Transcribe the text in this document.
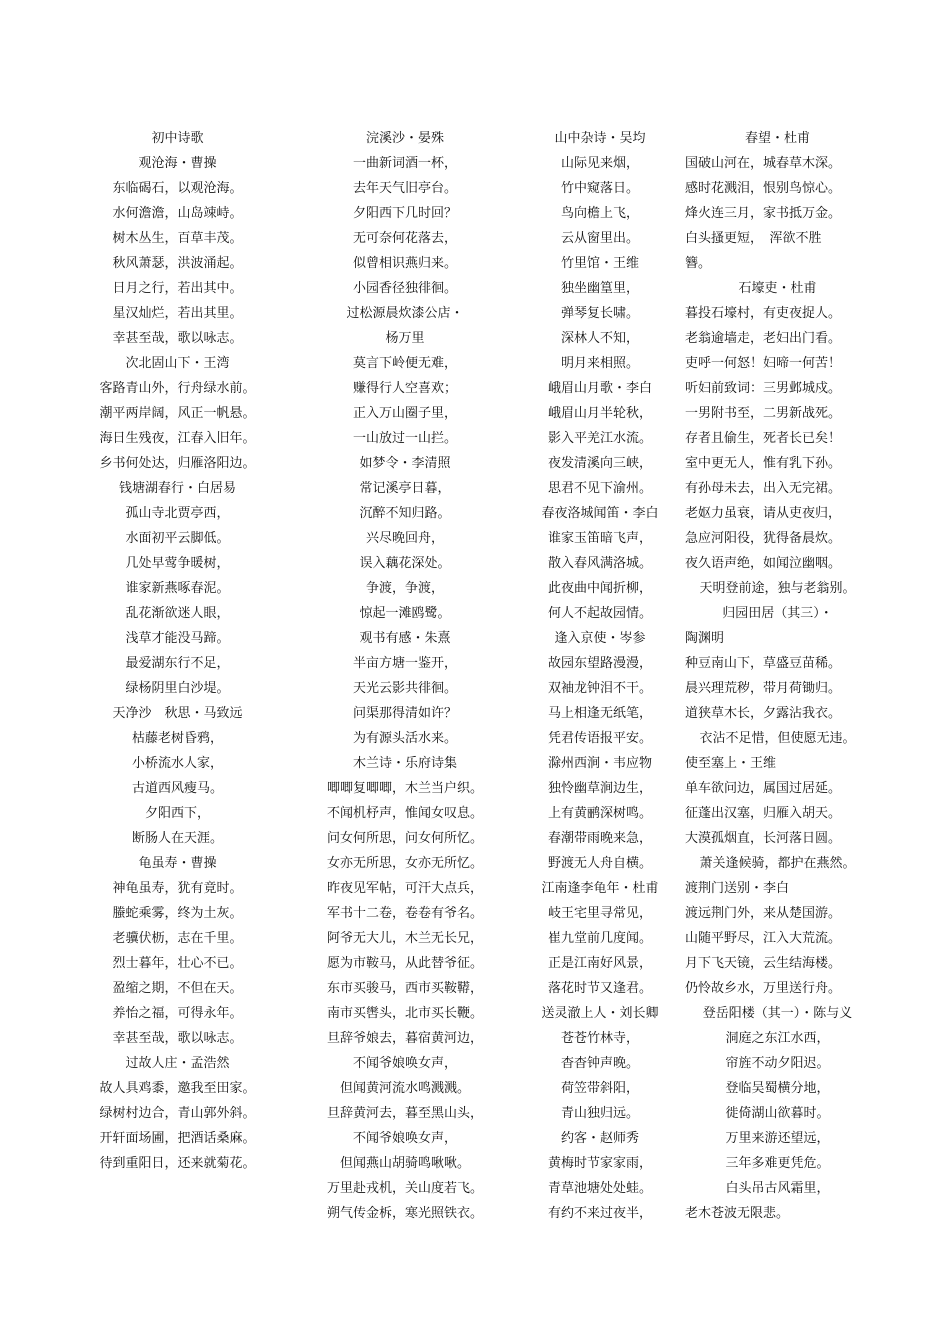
初中诗歌
观沧海・曹操
东临碣石，以观沧海。
水何澹澹，山岛竦峙。
树木丛生，百草丰茂。
秋风萧瑟，洪波涌起。
日月之行，若出其中。
星汉灿烂，若出其里。
幸甚至哉，歌以咏志。
次北固山下・王湾
客路青山外，行舟绿水前。
潮平两岸阔，风正一帆悬。
海日生残夜，江春入旧年。
乡书何处达，归雁洛阳边。
钱塘湖春行・白居易
孤山寺北贾亭西，
水面初平云脚低。
几处早莺争暖树，
谁家新燕啄春泥。
乱花渐欲迷人眼，
浅草才能没马蹄。
最爱湖东行不足，
绿杨阴里白沙堤。
天净沙　秋思・马致远
枯藤老树昏鸦，
小桥流水人家，
古道西风瘦马。
夕阳西下，
断肠人在天涯。
龟虽寿・曹操
神龟虽寿，犹有竟时。
螣蛇乘雾，终为土灰。
老骥伏枥，志在千里。
烈士暮年，壮心不已。
盈缩之期，不但在天。
养怡之福，可得永年。
幸甚至哉，歌以咏志。
过故人庄・孟浩然
故人具鸡黍，邀我至田家。
绿树村边合，青山郭外斜。
开轩面场圃，把酒话桑麻。
待到重阳日，还来就菊花。
浣溪沙・晏殊
一曲新词酒一杯，
去年天气旧亭台。
夕阳西下几时回？
无可奈何花落去，
似曾相识燕归来。
小园香径独徘徊。
过松源晨炊漆公店・
杨万里
莫言下岭便无难，
赚得行人空喜欢；
正入万山圈子里，
一山放过一山拦。
如梦令・李清照
常记溪亭日暮，
沉醉不知归路。
兴尽晚回舟，
误入藕花深处。
争渡，争渡，
惊起一滩鸥鹭。
观书有感・朱熹
半亩方塘一鉴开，
天光云影共徘徊。
问渠那得清如许？
为有源头活水来。
木兰诗・乐府诗集
唧唧复唧唧，木兰当户织。
不闻机杼声，惟闻女叹息。
问女何所思，问女何所忆。
女亦无所思，女亦无所忆。
昨夜见军帖，可汗大点兵，
军书十二卷，卷卷有爷名。
阿爷无大儿，木兰无长兄，
愿为市鞍马，从此替爷征。
东市买骏马，西市买鞍鞯，
南市买辔头，北市买长鞭。
旦辞爷娘去，暮宿黄河边，
不闻爷娘唤女声，
但闻黄河流水鸣溅溅。
旦辞黄河去，暮至黑山头，
不闻爷娘唤女声，
但闻燕山胡骑鸣啾啾。
万里赴戎机，关山度若飞。
朔气传金柝，寒光照铁衣。
山中杂诗・吴均
山际见来烟，
竹中窥落日。
鸟向檐上飞，
云从窗里出。
竹里馆・王维
独坐幽篁里，
弹琴复长啸。
深林人不知，
明月来相照。
峨眉山月歌・李白
峨眉山月半轮秋，
影入平羌江水流。
夜发清溪向三峡，
思君不见下渝州。
春夜洛城闻笛・李白
谁家玉笛暗飞声，
散入春风满洛城。
此夜曲中闻折柳，
何人不起故园情。
逢入京使・岑参
故园东望路漫漫，
双袖龙钟泪不干。
马上相逢无纸笔，
凭君传语报平安。
滁州西涧・韦应物
独怜幽草涧边生，
上有黄鹂深树鸣。
春潮带雨晚来急，
野渡无人舟自横。
江南逢李龟年・杜甫
岐王宅里寻常见，
崔九堂前几度闻。
正是江南好风景，
落花时节又逢君。
送灵澈上人・刘长卿
苍苍竹林寺，
杳杳钟声晚。
荷笠带斜阳，
青山独归远。
约客・赵师秀
黄梅时节家家雨，
青草池塘处处蛙。
有约不来过夜半，
春望・杜甫
国破山河在，城春草木深。
感时花溅泪，恨别鸟惊心。
烽火连三月，家书抵万金。
白头搔更短，　浑欲不胜
簪。
石壕吏・杜甫
暮投石壕村，有吏夜捉人。
老翁逾墙走，老妇出门看。
吏呼一何怒！妇啼一何苦！
听妇前致词：三男邺城戍。
一男附书至，二男新战死。
存者且偷生，死者长已矣！
室中更无人，惟有乳下孙。
有孙母未去，出入无完裙。
老妪力虽衰，请从吏夜归，
急应河阳役，犹得备晨炊。
夜久语声绝，如闻泣幽咽。
天明登前途，独与老翁别。
归园田居（其三）・
陶渊明
种豆南山下，草盛豆苗稀。
晨兴理荒秽，带月荷锄归。
道狭草木长，夕露沾我衣。
衣沾不足惜，但使愿无违。
使至塞上・王维
单车欲问边，属国过居延。
征蓬出汉塞，归雁入胡天。
大漠孤烟直，长河落日圆。
萧关逢候骑，都护在燕然。
渡荆门送别・李白
渡远荆门外，来从楚国游。
山随平野尽，江入大荒流。
月下飞天镜，云生结海楼。
仍怜故乡水，万里送行舟。
登岳阳楼（其一）・陈与义
洞庭之东江水西，
帘旌不动夕阳迟。
登临吴蜀横分地，
徙倚湖山欲暮时。
万里来游还望远，
三年多难更凭危。
白头吊古风霜里，
老木苍波无限悲。
